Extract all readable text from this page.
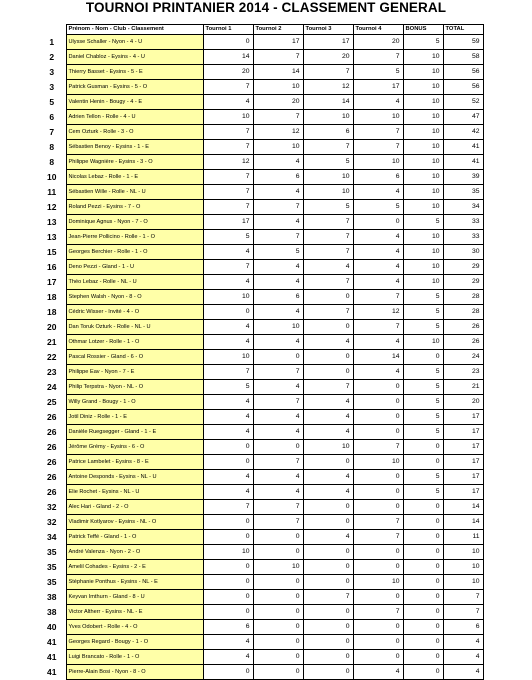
TOURNOI PRINTANIER 2014 - CLASSEMENT GENERAL
	Prénom - Nom - Club - Classement	Tournoi 1	Tournoi 2	Tournoi 3	Tournoi 4	BONUS	TOTAL
1	Ulysse Schaller - Nyon - 4 - U	0	17	17	20	5	59
2	Daniel Chabloz - Eysins - 4 - U	14	7	20	7	10	58
3	Thierry Basset - Eysins - 5 - E	20	14	7	5	10	56
3	Patrick Gusman - Eysins - 5 - O	7	10	12	17	10	56
5	Valentin Henin - Bougy - 4 - E	4	20	14	4	10	52
6	Adrien Tellon - Rolle - 4 - U	10	7	10	10	10	47
7	Cem Ozturk - Rolle - 3 - O	7	12	6	7	10	42
8	Sébastien Benoy - Eysins - 1 - E	7	10	7	7	10	41
8	Philippe Wagnière - Eysins - 3 - O	12	4	5	10	10	41
10	Nicolas Lebaz - Rolle - 1 - E	7	6	10	6	10	39
11	Sébastien Wille - Rolle - NL - U	7	4	10	4	10	35
12	Roland Pezzi - Eysins - 7 - O	7	7	5	5	10	34
13	Dominique Agnus - Nyon - 7 - O	17	4	7	0	5	33
13	Jean-Pierre Pollicino - Rolle - 1 - O	5	7	7	4	10	33
15	Georges Berchier - Rolle - 1 - O	4	5	7	4	10	30
16	Deno Pezzi - Gland - 1 - U	7	4	4	4	10	29
17	Théo Lebaz - Rolle - NL - U	4	4	7	4	10	29
18	Stephen Walsh - Nyon - 8 - O	10	6	0	7	5	28
18	Cédric Wisser - Invité - 4 - O	0	4	7	12	5	28
20	Dan Toruk Ozturk - Rolle - NL - U	4	10	0	7	5	26
21	Othmar Lotzer - Rolle - 1 - O	4	4	4	4	10	26
22	Pascal Rossier - Gland - 6 - O	10	0	0	14	0	24
23	Philippe Eav - Nyon - 7 - E	7	7	0	4	5	23
24	Philip Terpstra - Nyon - NL - O	5	4	7	0	5	21
25	Willy Grand - Bougy - 1 - O	4	7	4	0	5	20
26	Jotil Diniz - Rolle - 1 - E	4	4	4	0	5	17
26	Danièle Ruegsegger - Gland - 1 - E	4	4	4	0	5	17
26	Jérôme Grémy - Eysins - 6 - O	0	0	10	7	0	17
26	Patrice Lambelet - Eysins - 8 - E	0	7	0	10	0	17
26	Antoine Desponds - Eysins - NL - U	4	4	4	0	5	17
26	Elie Rochet - Eysins - NL - U	4	4	4	0	5	17
32	Alec Hari - Gland - 2 - O	7	7	0	0	0	14
32	Vladimir Kotlyarov - Eysins - NL - O	0	7	0	7	0	14
34	Patrick Teffé - Gland - 1 - O	0	0	4	7	0	11
35	André Valenza - Nyon - 2 - O	10	0	0	0	0	10
35	Amelil Cohades - Eysins - 2 - E	0	10	0	0	0	10
35	Stéphanie Ponthus - Eysins - NL - E	0	0	0	10	0	10
38	Keyvan Imthurn - Gland - 8 - U	0	0	7	0	0	7
38	Victor Altherr - Eysins - NL - E	0	0	0	7	0	7
40	Yves Odobert - Rolle - 4 - O	6	0	0	0	0	6
41	Georges Regard - Bougy - 1 - O	4	0	0	0	0	4
41	Luigi Brancato - Rolle - 1 - O	4	0	0	0	0	4
41	Pierre-Alain Bosi - Nyon - 8 - O	0	0	0	4	0	4
